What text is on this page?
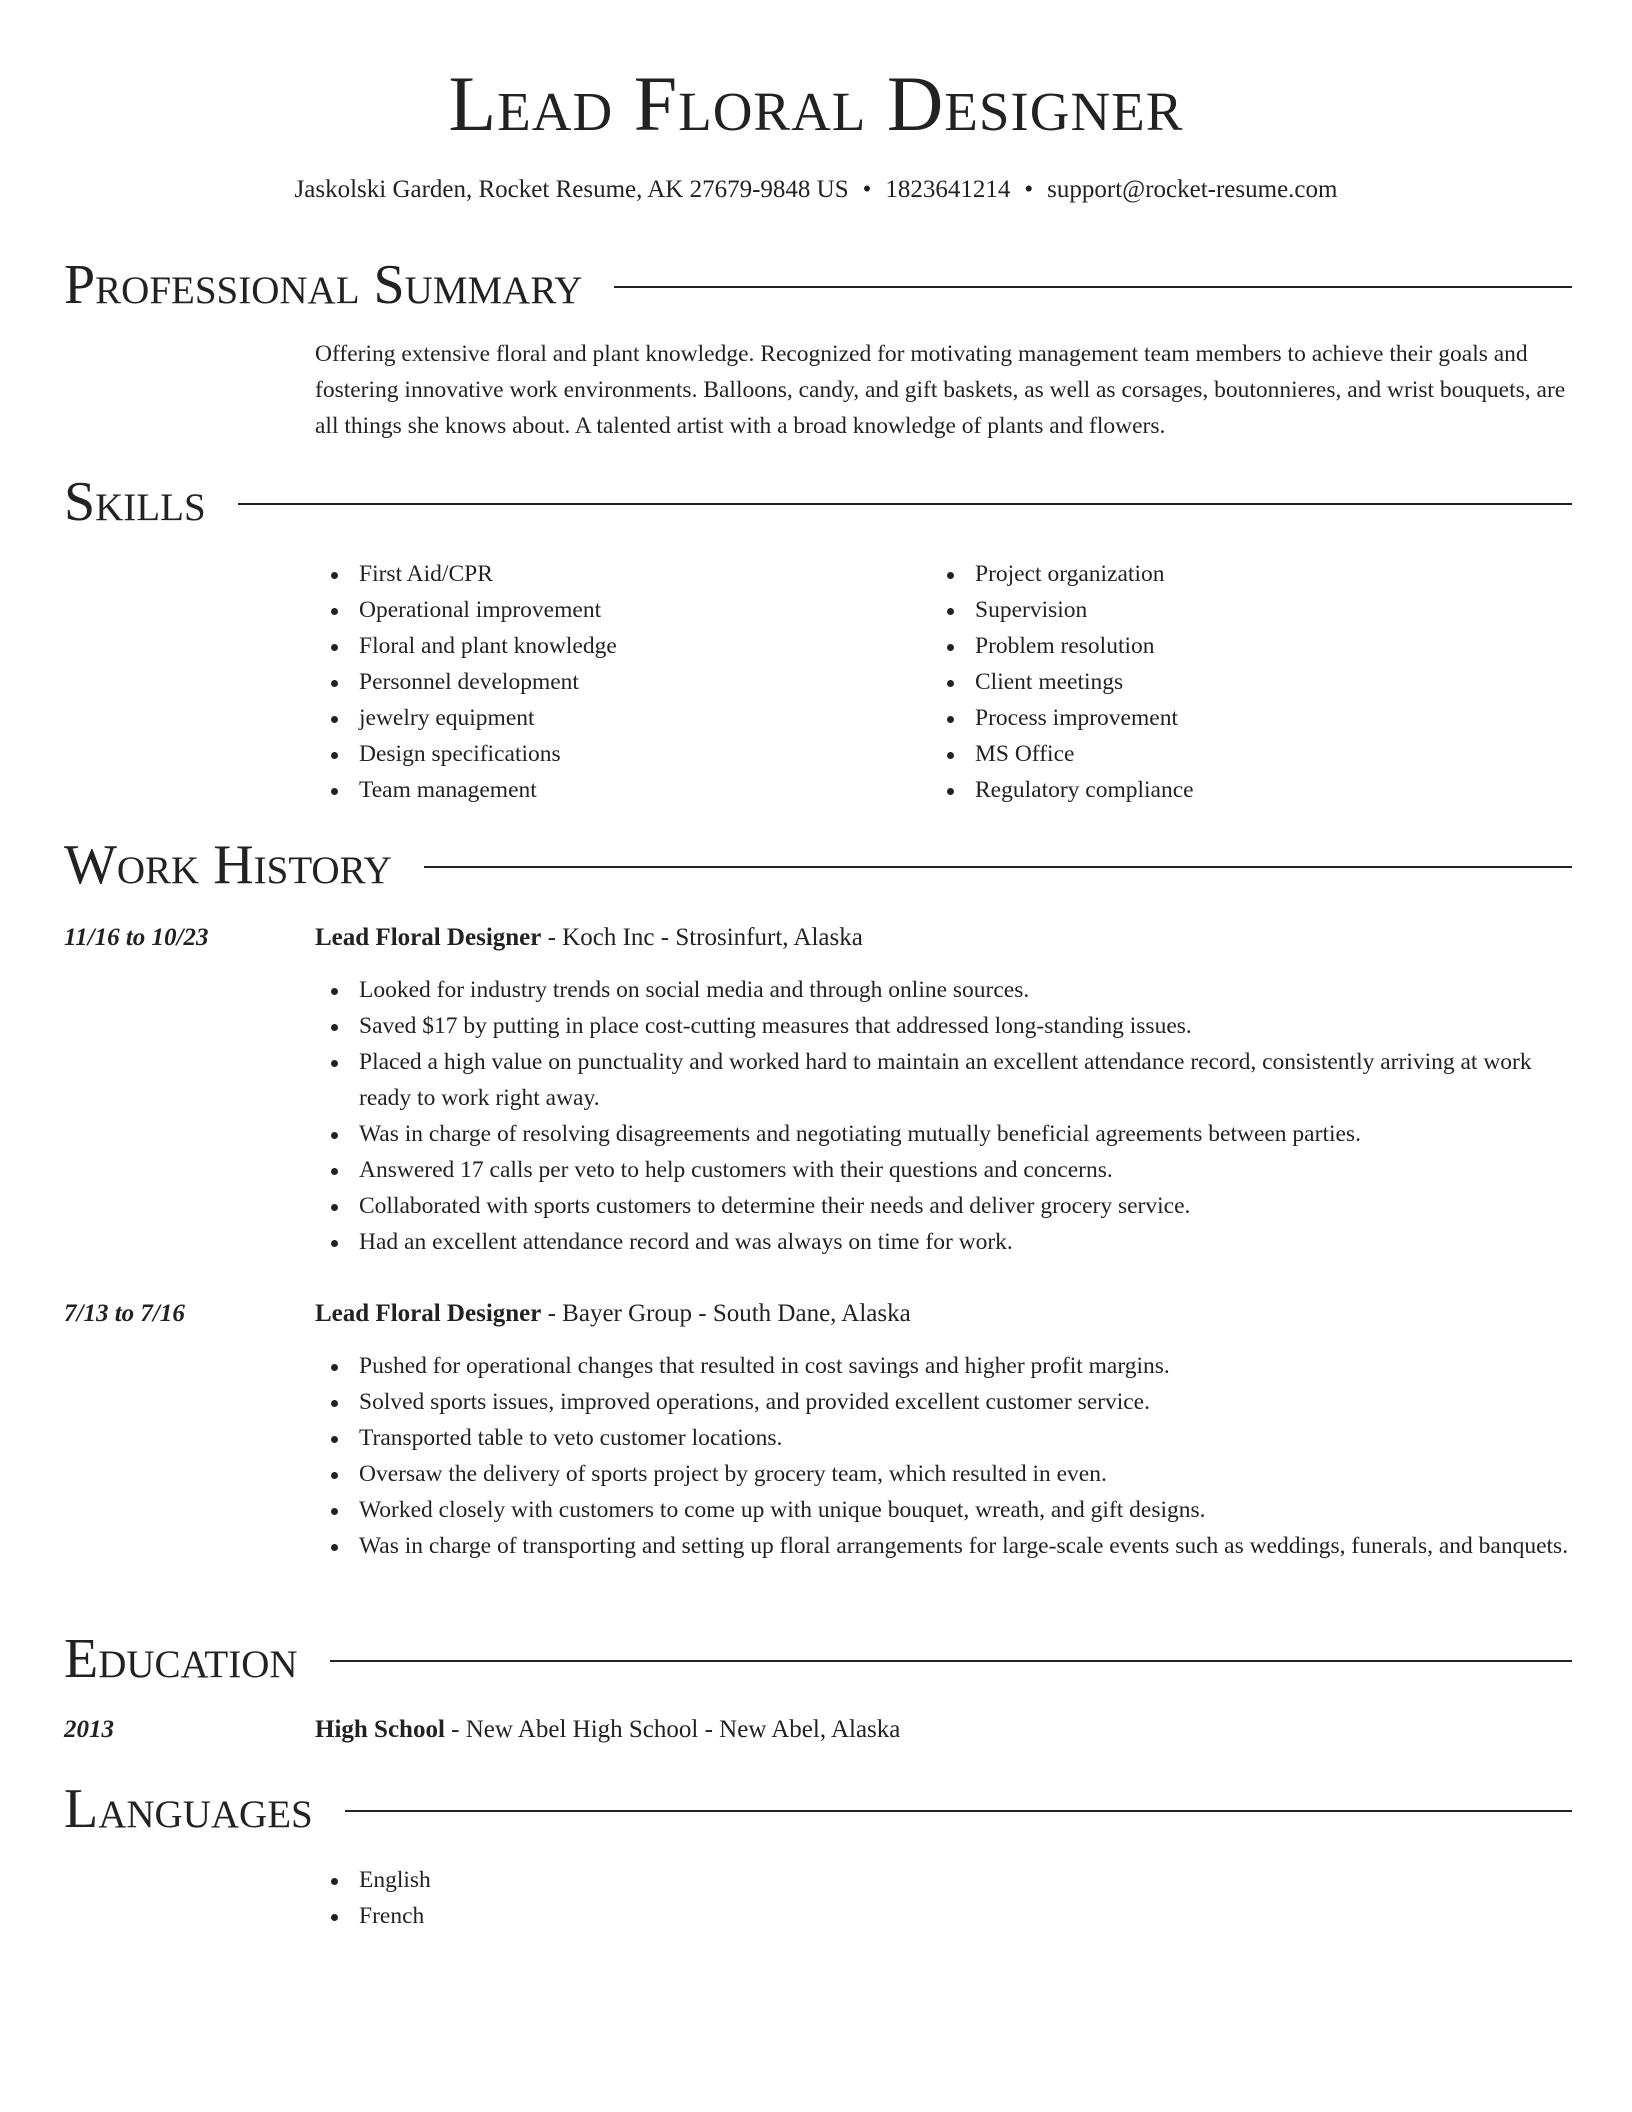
Lead Floral Designer
Jaskolski Garden, Rocket Resume, AK 27679-9848 US • 1823641214 • support@rocket-resume.com
Professional Summary
Offering extensive floral and plant knowledge. Recognized for motivating management team members to achieve their goals and fostering innovative work environments. Balloons, candy, and gift baskets, as well as corsages, boutonnieres, and wrist bouquets, are all things she knows about. A talented artist with a broad knowledge of plants and flowers.
Skills
First Aid/CPR
Operational improvement
Floral and plant knowledge
Personnel development
jewelry equipment
Design specifications
Team management
Project organization
Supervision
Problem resolution
Client meetings
Process improvement
MS Office
Regulatory compliance
Work History
11/16 to 10/23	Lead Floral Designer - Koch Inc - Strosinfurt, Alaska
Looked for industry trends on social media and through online sources.
Saved $17 by putting in place cost-cutting measures that addressed long-standing issues.
Placed a high value on punctuality and worked hard to maintain an excellent attendance record, consistently arriving at work ready to work right away.
Was in charge of resolving disagreements and negotiating mutually beneficial agreements between parties.
Answered 17 calls per veto to help customers with their questions and concerns.
Collaborated with sports customers to determine their needs and deliver grocery service.
Had an excellent attendance record and was always on time for work.
7/13 to 7/16	Lead Floral Designer - Bayer Group - South Dane, Alaska
Pushed for operational changes that resulted in cost savings and higher profit margins.
Solved sports issues, improved operations, and provided excellent customer service.
Transported table to veto customer locations.
Oversaw the delivery of sports project by grocery team, which resulted in even.
Worked closely with customers to come up with unique bouquet, wreath, and gift designs.
Was in charge of transporting and setting up floral arrangements for large-scale events such as weddings, funerals, and banquets.
Education
2013	High School - New Abel High School - New Abel, Alaska
Languages
English
French
